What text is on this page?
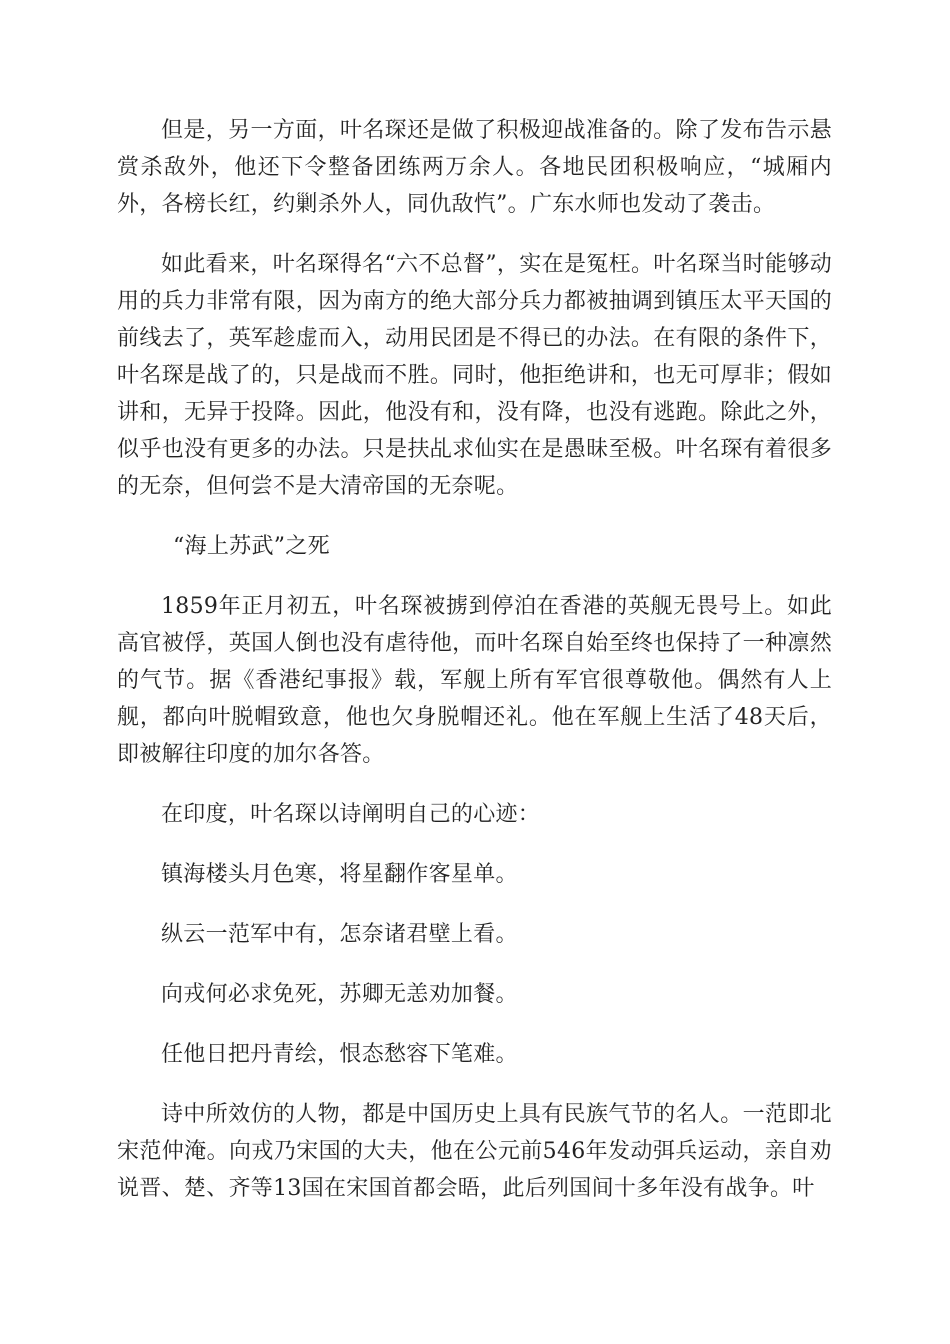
但是，另一方面，叶名琛还是做了积极迎战准备的。除了发布告示悬赏杀敌外，他还下令整备团练两万余人。各地民团积极响应，“城厢内外，各榜长红，约剿杀外人，同仇敌忾”。广东水师也发动了袭击。

如此看来，叶名琛得名“六不总督”，实在是冤枉。叶名琛当时能够动用的兵力非常有限，因为南方的绝大部分兵力都被抽调到镇压太平天国的前线去了，英军趁虚而入，动用民团是不得已的办法。在有限的条件下，叶名琛是战了的，只是战而不胜。同时，他拒绝讲和，也无可厚非；假如讲和，无异于投降。因此，他没有和，没有降，也没有逃跑。除此之外，似乎也没有更多的办法。只是扶乩求仙实在是愚昧至极。叶名琛有着很多的无奈，但何尝不是大清帝国的无奈呢。

“海上苏武”之死

1859年正月初五，叶名琛被掳到停泊在香港的英舰无畏号上。如此高官被俘，英国人倒也没有虐待他，而叶名琛自始至终也保持了一种凛然的气节。据《香港纪事报》载，军舰上所有军官很尊敬他。偶然有人上舰，都向叶脱帽致意，他也欠身脱帽还礼。他在军舰上生活了48天后，即被解往印度的加尔各答。

在印度，叶名琛以诗阐明自己的心迹：

镇海楼头月色寒，将星翻作客星单。

纵云一范军中有，怎奈诸君壁上看。

向戎何必求免死，苏卿无恙劝加餐。

任他日把丹青绘，恨态愁容下笔难。

诗中所效仿的人物，都是中国历史上具有民族气节的名人。一范即北宋范仲淹。向戎乃宋国的大夫，他在公元前546年发动弭兵运动，亲自劝说晋、楚、齐等13国在宋国首都会晤，此后列国间十多年没有战争。叶
